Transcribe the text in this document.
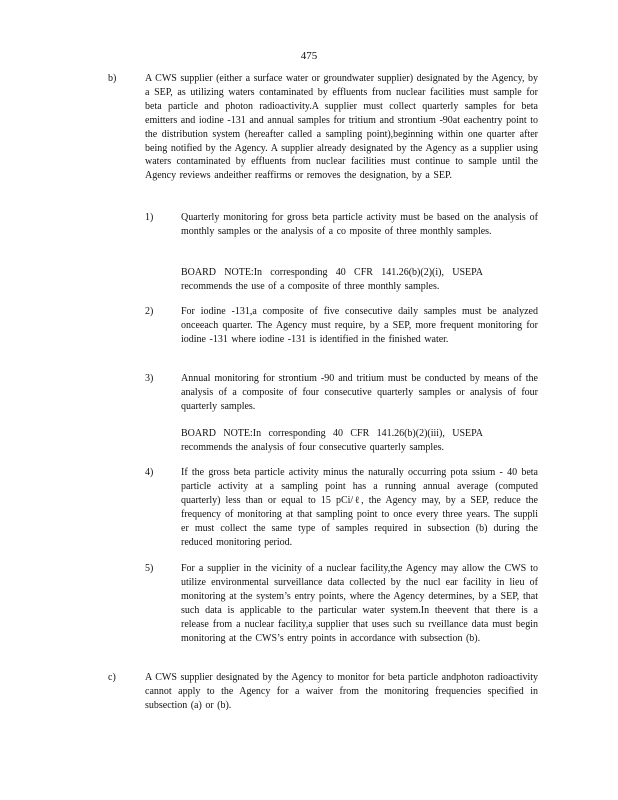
475
b)	A CWS supplier (either a surface water or groundwater supplier) designated by the Agency, by a SEP, as utilizing waters contaminated by effluents from nuclear facilities must sample for beta particle and photon radioactivity.A supplier must collect quarterly samples for beta emitters and iodine -131 and annual samples for tritium and strontium -90at eachentry point to the distribution system (hereafter called a sampling point),beginning within one quarter after being notified by the Agency. A supplier already designated by the Agency as a supplier using waters contaminated by effluents from nuclear facilities must continue to sample until the Agency reviews andeither reaffirms or removes the designation, by a SEP.
1)	Quarterly monitoring for gross beta particle activity must be based on the analysis of monthly samples or the analysis of a co mposite of three monthly samples.
BOARD NOTE:In corresponding 40 CFR 141.26(b)(2)(i), USEPA recommends the use of a composite of three monthly samples.
2)	For iodine -131,a composite of five consecutive daily samples must be analyzed onceeach quarter. The Agency must require, by a SEP, more frequent monitoring for iodine -131 where iodine -131 is identified in the finished water.
3)	Annual monitoring for strontium -90 and tritium must be conducted by means of the analysis of a composite of four consecutive quarterly samples or analysis of four quarterly samples.
BOARD NOTE:In corresponding 40 CFR 141.26(b)(2)(iii), USEPA recommends the analysis of four consecutive quarterly samples.
4)	If the gross beta particle activity minus the naturally occurring pota ssium - 40 beta particle activity at a sampling point has a running annual average (computed quarterly) less than or equal to 15 pCi/ℓ, the Agency may, by a SEP, reduce the frequency of monitoring at that sampling point to once every three years. The suppli er must collect the same type of samples required in subsection (b) during the reduced monitoring period.
5)	For a supplier in the vicinity of a nuclear facility,the Agency may allow the CWS to utilize environmental surveillance data collected by the nucl ear facility in lieu of monitoring at the system’s entry points, where the Agency determines, by a SEP, that such data is applicable to the particular water system.In theevent that there is a release from a nuclear facility,a supplier that uses such su rveillance data must begin monitoring at the CWS’s entry points in accordance with subsection (b).
c)	A CWS supplier designated by the Agency to monitor for beta particle andphoton radioactivity cannot apply to the Agency for a waiver from the monitoring frequencies specified in subsection (a) or (b).
